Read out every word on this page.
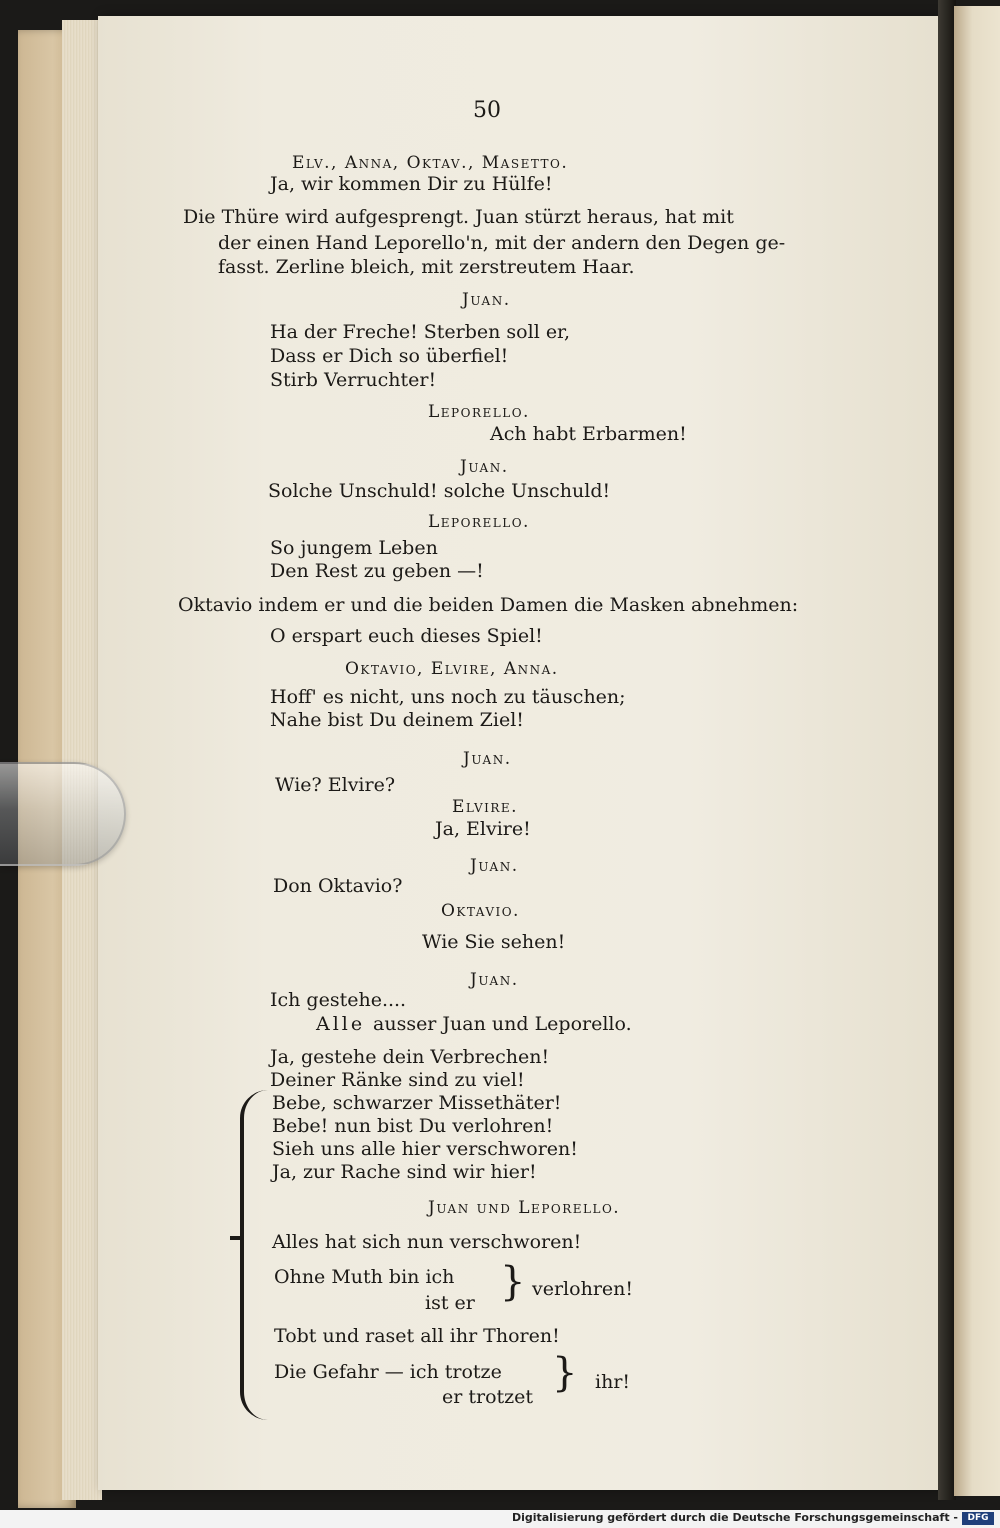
50
Elv., Anna, Oktav., Masetto.
Ja, wir kommen Dir zu Hülfe!
Die Thüre wird aufgesprengt. Juan stürzt heraus, hat mit
der einen Hand Leporello'n, mit der andern den Degen ge-
fasst. Zerline bleich, mit zerstreutem Haar.
Juan.
Ha der Freche! Sterben soll er,
Dass er Dich so überfiel!
Stirb Verruchter!
Leporello.
Ach habt Erbarmen!
Juan.
Solche Unschuld! solche Unschuld!
Leporello.
So jungem Leben
Den Rest zu geben —!
Oktavio indem er und die beiden Damen die Masken abnehmen:
O erspart euch dieses Spiel!
Oktavio, Elvire, Anna.
Hoff' es nicht, uns noch zu täuschen;
Nahe bist Du deinem Ziel!
Juan.
Wie? Elvire?
Elvire.
Ja, Elvire!
Juan.
Don Oktavio?
Oktavio.
Wie Sie sehen!
Juan.
Ich gestehe....
Alle ausser Juan und Leporello.
Ja, gestehe dein Verbrechen!
Deiner Ränke sind zu viel!
Bebe, schwarzer Missethäter!
Bebe! nun bist Du verlohren!
Sieh uns alle hier verschworen!
Ja, zur Rache sind wir hier!
Juan und Leporello.
Alles hat sich nun verschworen!
Ohne Muth bin ich
ist er } verlohren!
Tobt und raset all ihr Thoren!
Die Gefahr — ich trotze
er trotzet
} ihr!
Digitalisierung gefördert durch die Deutsche Forschungsgemeinschaft -	DFG
